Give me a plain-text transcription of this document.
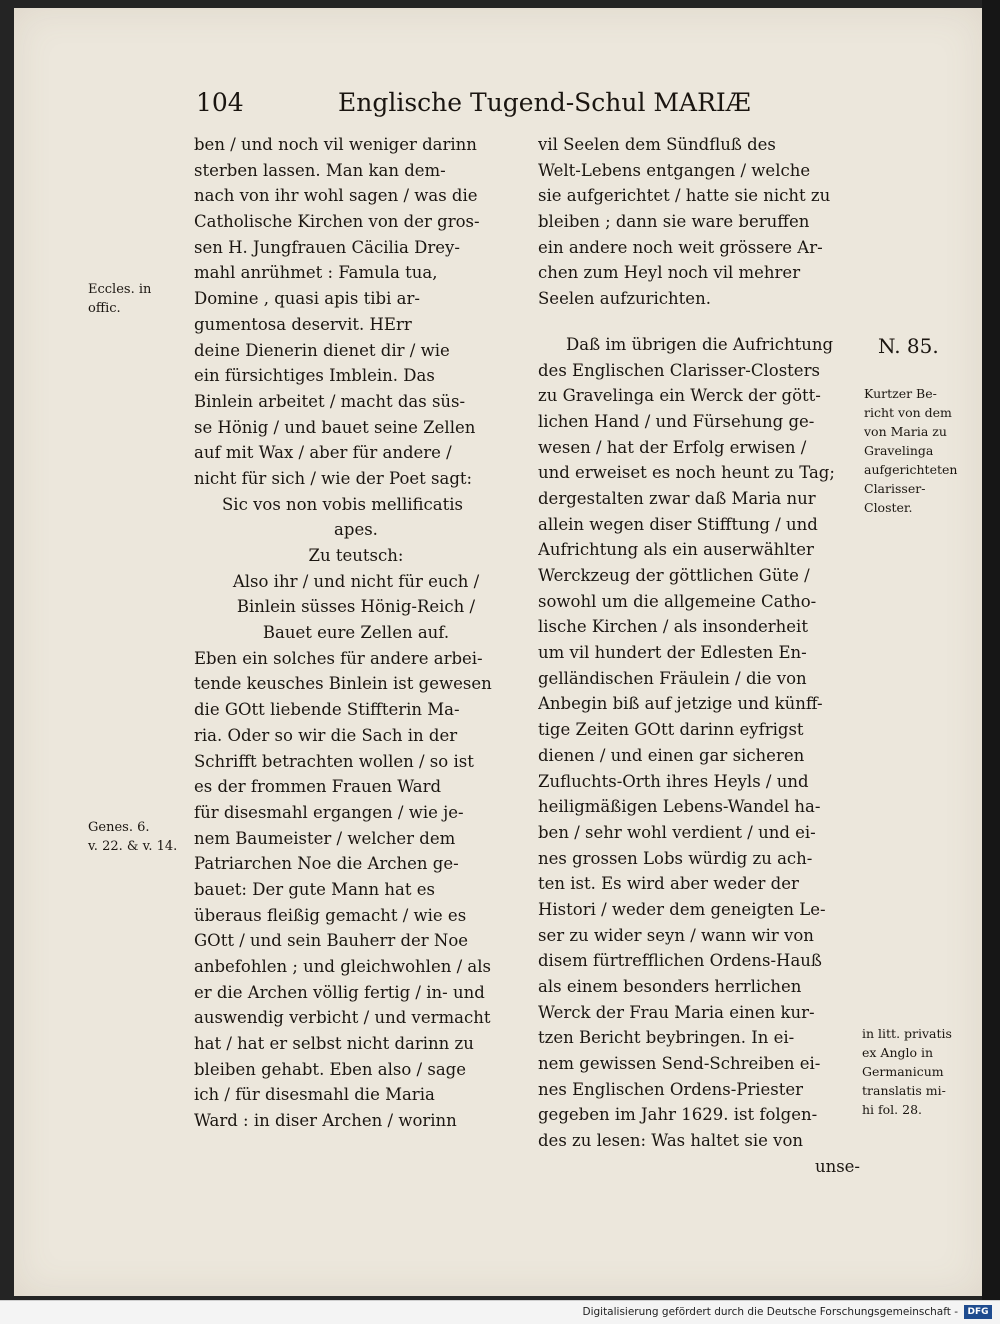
104	Englische Tugend-Schul MARIÆ
ben / und noch vil weniger darinn
sterben lassen. Man kan dem-
nach von ihr wohl sagen / was die
Catholische Kirchen von der gros-
sen H. Jungfrauen Cäcilia Drey-
mahl anrühmet : Famula tua,
Domine , quasi apis tibi ar-
gumentosa deservit. HErr
deine Dienerin dienet dir / wie
ein fürsichtiges Imblein. Das
Binlein arbeitet / macht das süs-
se Hönig / und bauet seine Zellen
auf mit Wax / aber für andere /
nicht für sich / wie der Poet sagt:
Sic vos non vobis mellificatis
apes.
Zu teutsch:
Also ihr / und nicht für euch /
Binlein süsses Hönig-Reich /
Bauet eure Zellen auf.
Eben ein solches für andere arbei-
tende keusches Binlein ist gewesen
die GOtt liebende Stiffterin Ma-
ria. Oder so wir die Sach in der
Schrifft betrachten wollen / so ist
es der frommen Frauen Ward
für disesmahl ergangen / wie je-
nem Baumeister / welcher dem
Patriarchen Noe die Archen ge-
bauet: Der gute Mann hat es
überaus fleißig gemacht / wie es
GOtt / und sein Bauherr der Noe
anbefohlen ; und gleichwohlen / als
er die Archen völlig fertig / in- und
auswendig verbicht / und vermacht
hat / hat er selbst nicht darinn zu
bleiben gehabt. Eben also / sage
ich / für disesmahl die Maria
Ward : in diser Archen / worinn
vil Seelen dem Sündfluß des
Welt-Lebens entgangen / welche
sie aufgerichtet / hatte sie nicht zu
bleiben ; dann sie ware beruffen
ein andere noch weit grössere Ar-
chen zum Heyl noch vil mehrer
Seelen aufzurichten.
Daß im übrigen die Aufrichtung
des Englischen Clarisser-Closters
zu Gravelinga ein Werck der gött-
lichen Hand / und Fürsehung ge-
wesen / hat der Erfolg erwisen /
und erweiset es noch heunt zu Tag;
dergestalten zwar daß Maria nur
allein wegen diser Stifftung / und
Aufrichtung als ein auserwählter
Werckzeug der göttlichen Güte /
sowohl um die allgemeine Catho-
lische Kirchen / als insonderheit
um vil hundert der Edlesten En-
gelländischen Fräulein / die von
Anbegin biß auf jetzige und künff-
tige Zeiten GOtt darinn eyfrigst
dienen / und einen gar sicheren
Zufluchts-Orth ihres Heyls / und
heiligmäßigen Lebens-Wandel ha-
ben / sehr wohl verdient / und ei-
nes grossen Lobs würdig zu ach-
ten ist. Es wird aber weder der
Histori / weder dem geneigten Le-
ser zu wider seyn / wann wir von
disem fürtrefflichen Ordens-Hauß
als einem besonders herrlichen
Werck der Frau Maria einen kur-
tzen Bericht beybringen. In ei-
nem gewissen Send-Schreiben ei-
nes Englischen Ordens-Priester
gegeben im Jahr 1629. ist folgen-
des zu lesen: Was haltet sie von
unse-
Eccles. in
offic.
Genes. 6.
v. 22. & v. 14.
N. 85.
Kurtzer Be-
richt von dem
von Maria zu
Gravelinga
aufgerichteten
Clarisser-
Closter.
in litt. privatis
ex Anglo in
Germanicum
translatis mi-
hi fol. 28.
Digitalisierung gefördert durch die Deutsche Forschungsgemeinschaft -	DFG
